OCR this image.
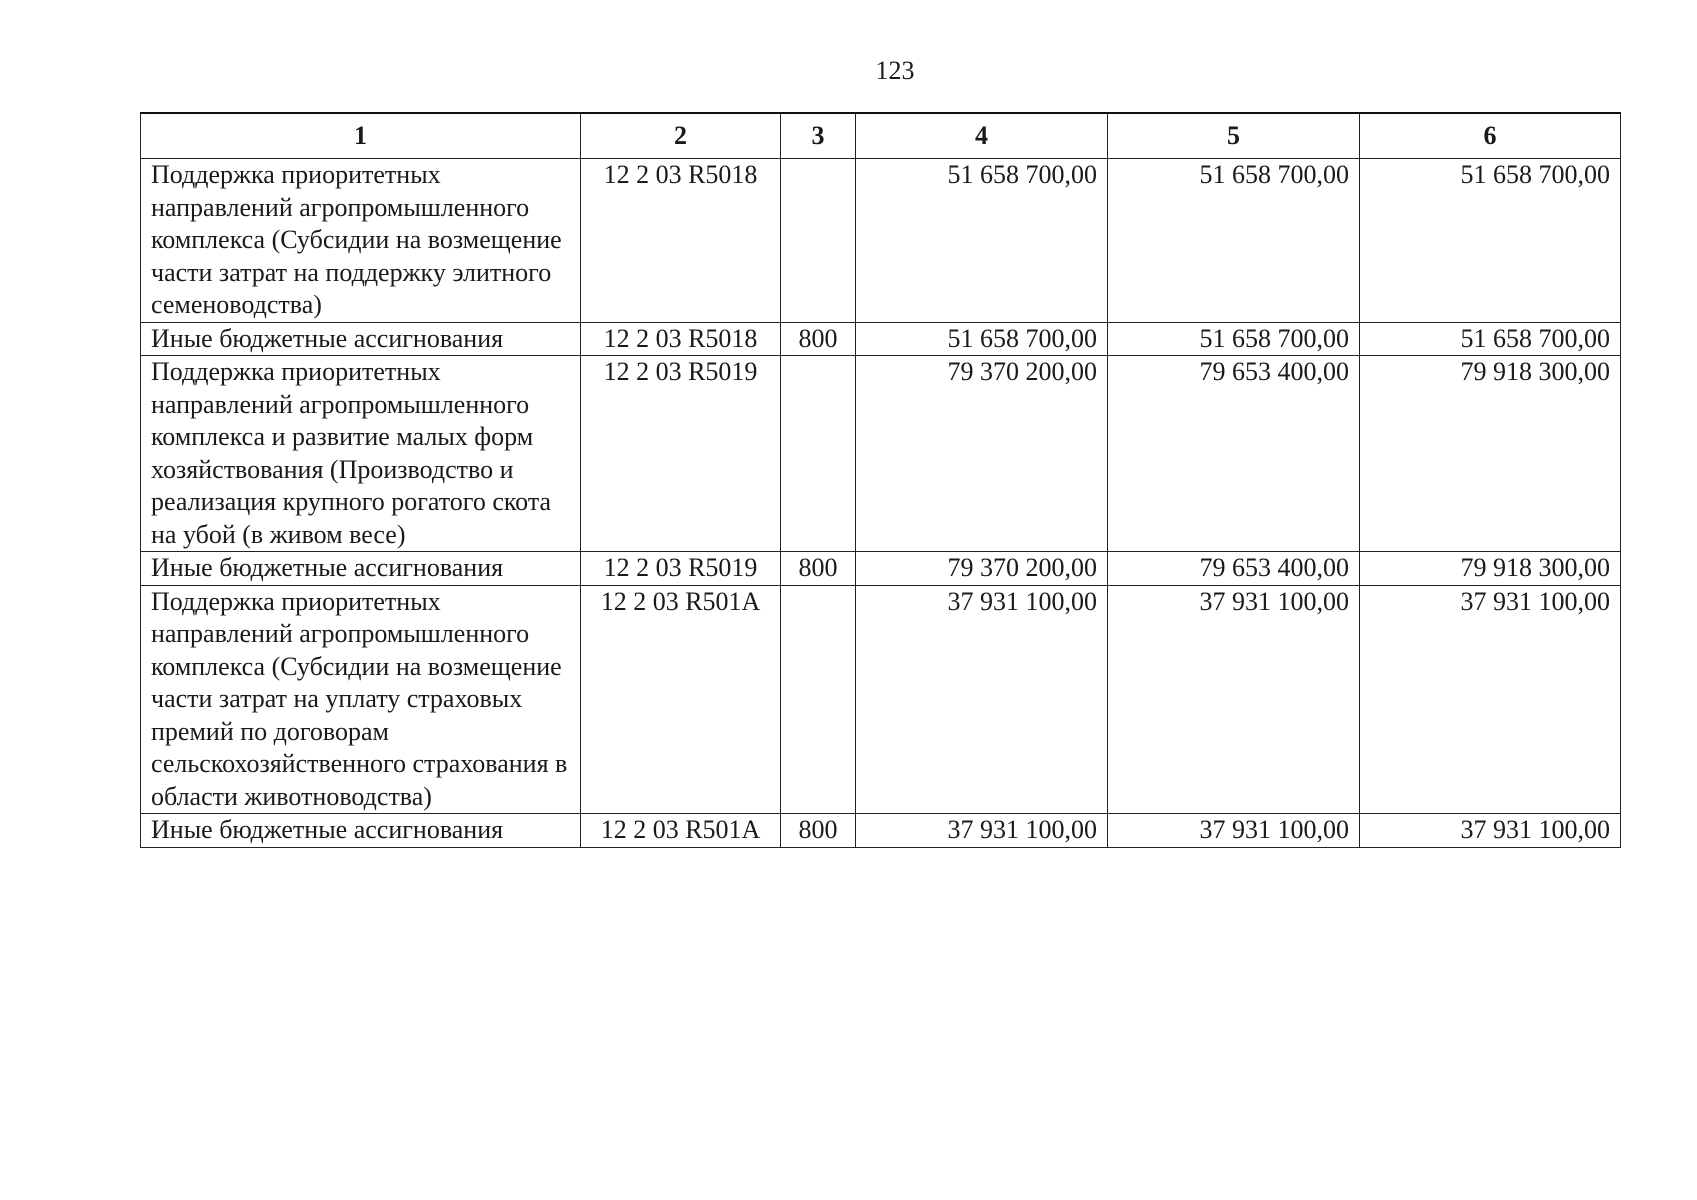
123
1	2	3	4	5	6
Поддержка приоритетных направлений агропромышленного комплекса (Субсидии на возмещение части затрат на поддержку элитного семеноводства)	12 2 03 R5018		51 658 700,00	51 658 700,00	51 658 700,00
Иные бюджетные ассигнования	12 2 03 R5018	800	51 658 700,00	51 658 700,00	51 658 700,00
Поддержка приоритетных направлений агропромышленного комплекса и развитие малых форм хозяйствования (Производство и реализация крупного рогатого скота на убой (в живом весе)	12 2 03 R5019		79 370 200,00	79 653 400,00	79 918 300,00
Иные бюджетные ассигнования	12 2 03 R5019	800	79 370 200,00	79 653 400,00	79 918 300,00
Поддержка приоритетных направлений агропромышленного комплекса (Субсидии на возмещение части затрат на уплату страховых премий по договорам сельскохозяйственного страхования в области животноводства)	12 2 03 R501A		37 931 100,00	37 931 100,00	37 931 100,00
Иные бюджетные ассигнования	12 2 03 R501A	800	37 931 100,00	37 931 100,00	37 931 100,00
